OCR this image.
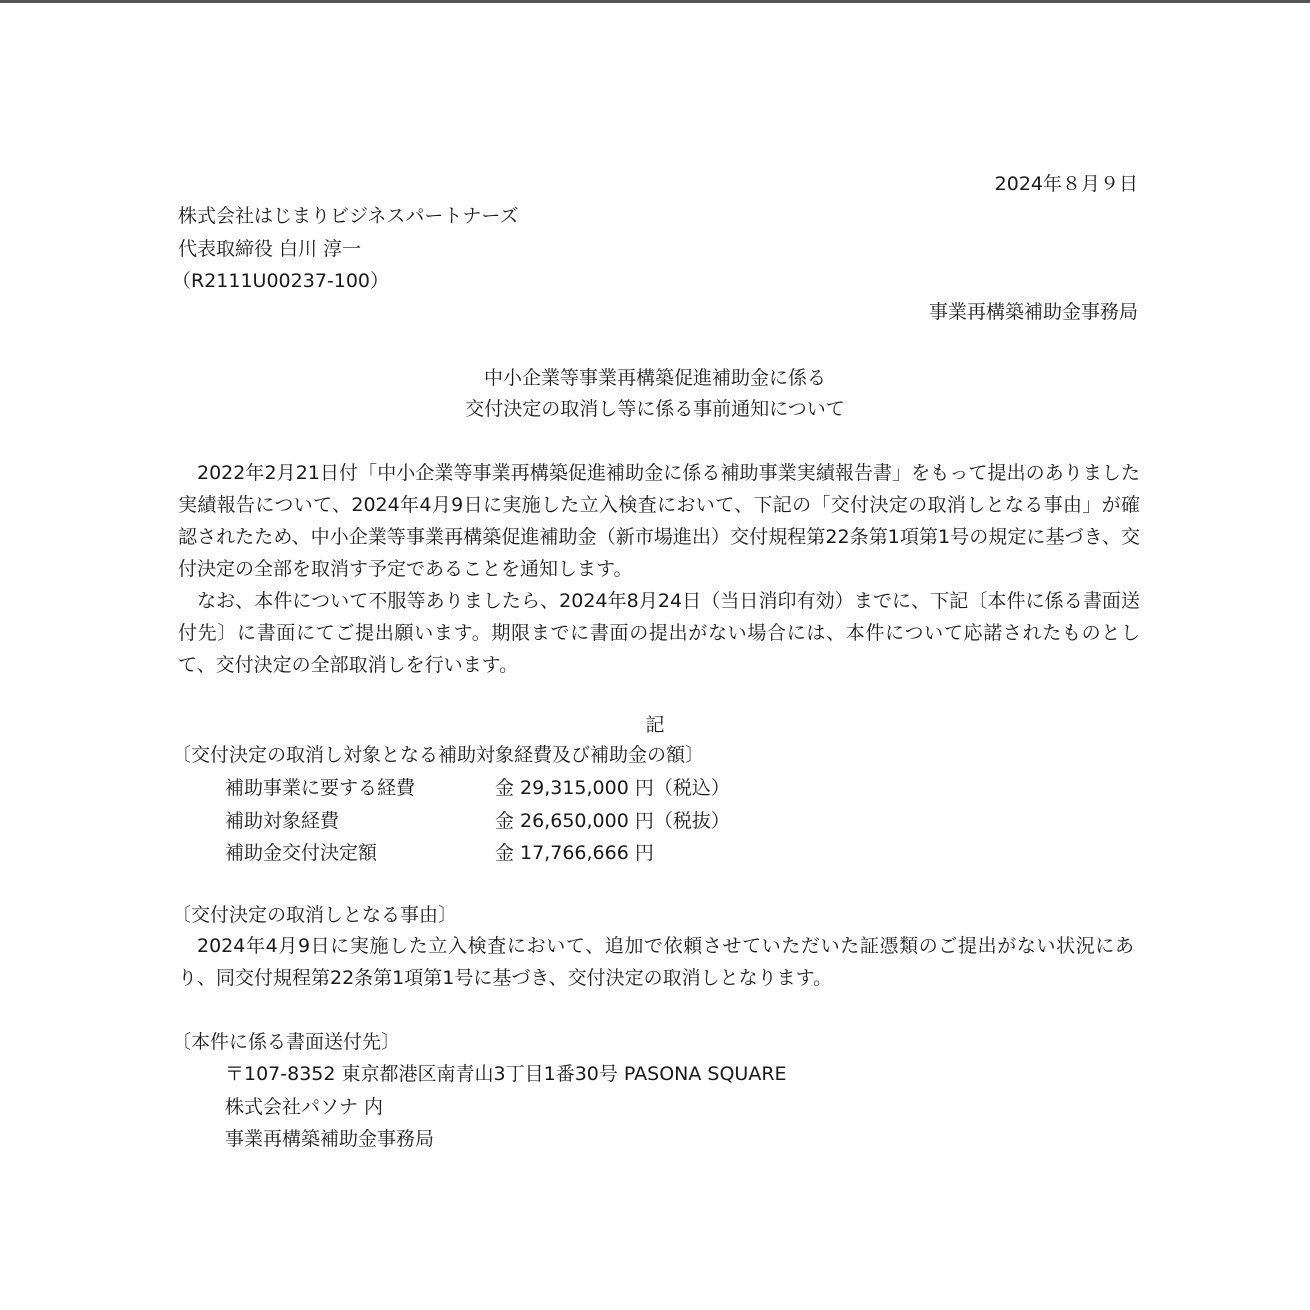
2024年８月９日
株式会社はじまりビジネスパートナーズ
代表取締役 白川 淳一
（R2111U00237-100）
事業再構築補助金事務局
中小企業等事業再構築促進補助金に係る
交付決定の取消し等に係る事前通知について
2022年2月21日付「中小企業等事業再構築促進補助金に係る補助事業実績報告書」をもって提出のありました実績報告について、2024年4月9日に実施した立入検査において、下記の「交付決定の取消しとなる事由」が確認されたため、中小企業等事業再構築促進補助金（新市場進出）交付規程第22条第1項第1号の規定に基づき、交付決定の全部を取消す予定であることを通知します。
なお、本件について不服等ありましたら、2024年8月24日（当日消印有効）までに、下記〔本件に係る書面送付先〕に書面にてご提出願います。期限までに書面の提出がない場合には、本件について応諾されたものとして、交付決定の全部取消しを行います。
記
〔交付決定の取消し対象となる補助対象経費及び補助金の額〕
補助事業に要する経費	金 29,315,000 円（税込）
補助対象経費	金 26,650,000 円（税抜）
補助金交付決定額	金 17,766,666 円
〔交付決定の取消しとなる事由〕
2024年4月9日に実施した立入検査において、追加で依頼させていただいた証憑類のご提出がない状況にあり、同交付規程第22条第1項第1号に基づき、交付決定の取消しとなります。
〔本件に係る書面送付先〕
〒107-8352 東京都港区南青山3丁目1番30号 PASONA SQUARE
株式会社パソナ 内
事業再構築補助金事務局
